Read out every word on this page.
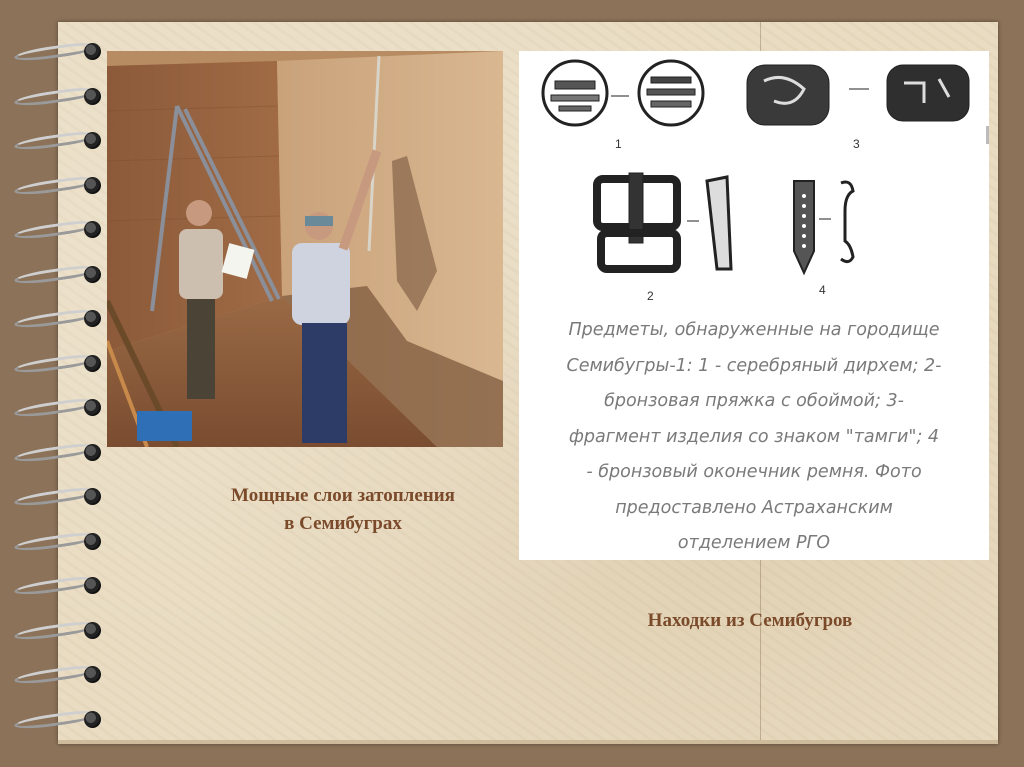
1	3
2	4
Предметы, обнаруженные на городище
Семибугры-1: 1 - серебряный дирхем; 2-
бронзовая пряжка с обоймой; 3-
фрагмент изделия со знаком "тамги"; 4
- бронзовый оконечник ремня. Фото
предоставлено Астраханским
отделением РГО
Мощные слои затопления
в Семибуграх
Находки из Семибугров
